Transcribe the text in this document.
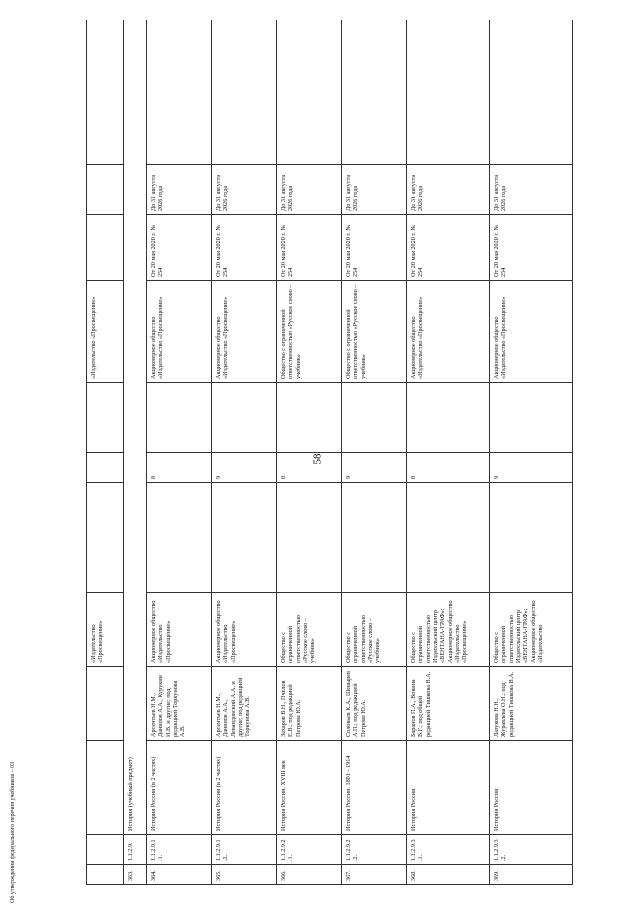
58
Об утверждении федерального перечня учебников – 03
				«Издательство «Просвещение»				«Издательство «Просвещение»			
363.	1.1.2.9.	История (учебный предмет)									
364.	1.1.2.9.1.1.	История России (в 2 частях)	Арсентьев Н.М., Данилов А.А., Курукин И.В. и другие; под редакцией Торкунова А.В.	Акционерное общество «Издательство «Просвещение»		8		Акционерное общество «Издательство «Просвещение»	От 20 мая 2020 г. № 254	До 31 августа 2026 года	
365.	1.1.2.9.1.2.	История России (в 2 частях)	Арсентьев Н.М., Данилов А.А., Левандовский А.А. и другие; под редакцией Торкунова А.В.	Акционерное общество «Издательство «Просвещение»		9		Акционерное общество «Издательство «Просвещение»	От 20 мая 2020 г. № 254	До 31 августа 2026 года	
366.	1.1.2.9.2.1.	История России. XVIII век	Захаров В.Н., Пчелов Е.В.; под редакцией Петрова Ю.А.	Общество с ограниченной ответственностью «Русское слово – учебник»		8		Общество с ограниченной ответственностью «Русское слово – учебник»	От 20 мая 2020 г. № 254	До 31 августа 2026 года	
367.	1.1.2.9.2.2.	История России. 1801 - 1914	Соловьев К.А., Шевырев А.П.; под редакцией Петрова Ю.А.	Общество с ограниченной ответственностью «Русское слово – учебник»		9		Общество с ограниченной ответственностью «Русское слово – учебник»	От 20 мая 2020 г. № 254	До 31 августа 2026 года	
368.	1.1.2.9.3.1.	История России	Баранов П.А., Вовина В.Г.; под общей редакцией Тишкова В.А.	Общество с ограниченной ответственностью Издательский центр «ВЕНТАНА-ГРАФ»; Акционерное общество «Издательство «Просвещение»		8		Акционерное общество «Издательство «Просвещение»	От 20 мая 2020 г. № 254	До 31 августа 2026 года	
369.	1.1.2.9.3.2.	История России	Лазукова Н.Н., Журавлева О.Н.; под редакцией Тишкова В.А.	Общество с ограниченной ответственностью Издательский центр «ВЕНТАНА-ГРАФ»; Акционерное общество «Издательство		9		Акционерное общество «Издательство «Просвещение»	От 20 мая 2020 г. № 254	До 31 августа 2026 года	
